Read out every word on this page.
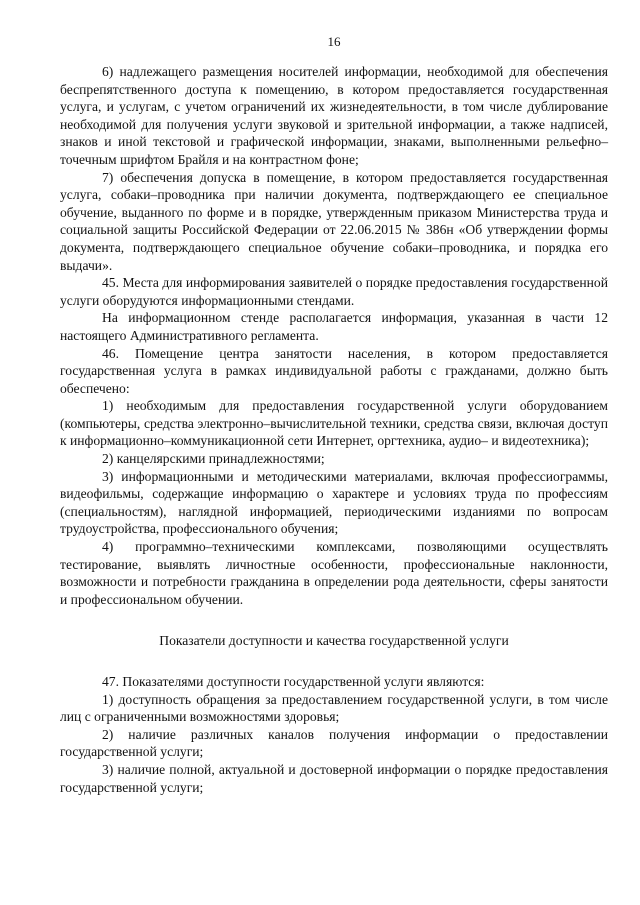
16

6) надлежащего размещения носителей информации, необходимой для обеспечения беспрепятственного доступа к помещению, в котором предоставляется государственная услуга, и услугам, с учетом ограничений их жизнедеятельности, в том числе дублирование необходимой для получения услуги звуковой и зрительной информации, а также надписей, знаков и иной текстовой и графической информации, знаками, выполненными рельефно–точечным шрифтом Брайля и на контрастном фоне;

7) обеспечения допуска в помещение, в котором предоставляется государственная услуга, собаки–проводника при наличии документа, подтверждающего ее специальное обучение, выданного по форме и в порядке, утвержденным приказом Министерства труда и социальной защиты Российской Федерации от 22.06.2015 № 386н «Об утверждении формы документа, подтверждающего специальное обучение собаки–проводника, и порядка его выдачи».

45. Места для информирования заявителей о порядке предоставления государственной услуги оборудуются информационными стендами.

На информационном стенде располагается информация, указанная в части 12 настоящего Административного регламента.

46. Помещение центра занятости населения, в котором предоставляется государственная услуга в рамках индивидуальной работы с гражданами, должно быть обеспечено:

1) необходимым для предоставления государственной услуги оборудованием (компьютеры, средства электронно–вычислительной техники, средства связи, включая доступ к информационно–коммуникационной сети Интернет, оргтехника, аудио– и видеотехника);

2) канцелярскими принадлежностями;

3) информационными и методическими материалами, включая профессиограммы, видеофильмы, содержащие информацию о характере и условиях труда по профессиям (специальностям), наглядной информацией, периодическими изданиями по вопросам трудоустройства, профессионального обучения;

4) программно–техническими комплексами, позволяющими осуществлять тестирование, выявлять личностные особенности, профессиональные наклонности, возможности и потребности гражданина в определении рода деятельности, сферы занятости и профессиональном обучении.

Показатели доступности и качества государственной услуги

47. Показателями доступности государственной услуги являются:

1) доступность обращения за предоставлением государственной услуги, в том числе лиц с ограниченными возможностями здоровья;

2) наличие различных каналов получения информации о предоставлении государственной услуги;

3) наличие полной, актуальной и достоверной информации о порядке предоставления государственной услуги;
